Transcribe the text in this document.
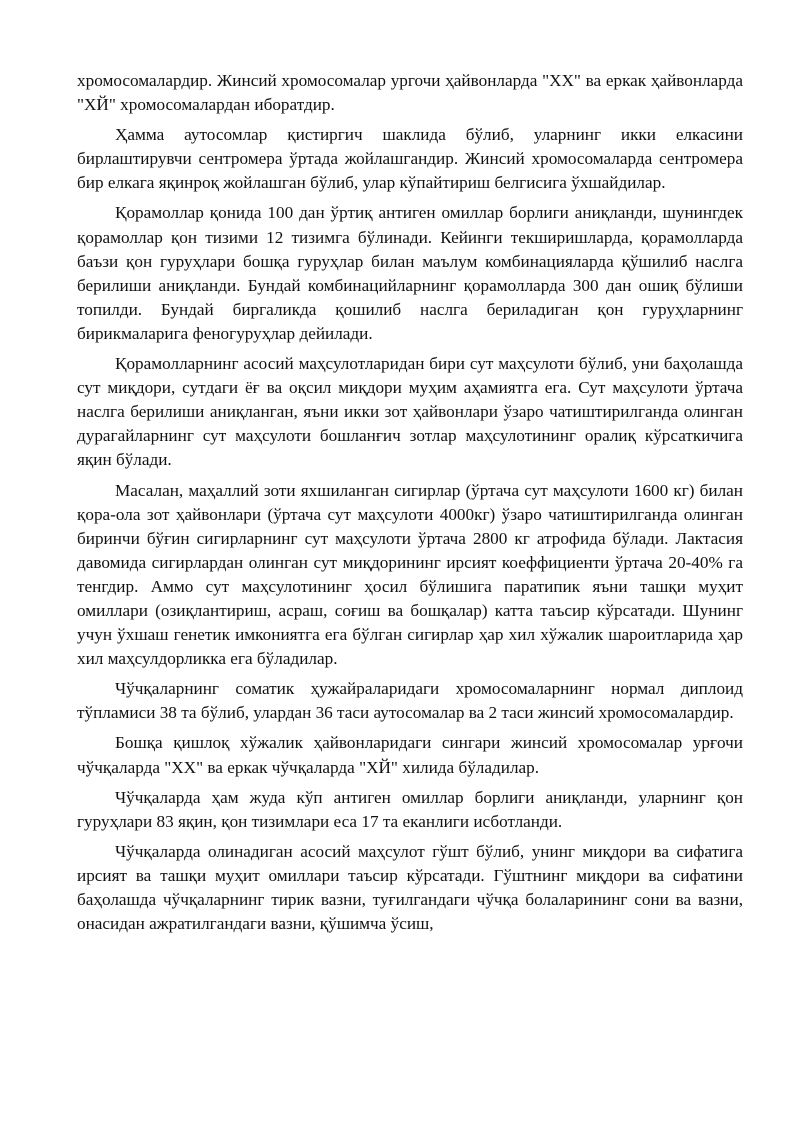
хромосомалардир. Жинсий хромосомалар ургочи ҳайвонларда "ХХ" ва еркак ҳайвонларда "ХЙ" хромосомалардан иборатдир.

Ҳамма аутосомлар қистиргич шаклида бўлиб, уларнинг икки елкасини бирлаштирувчи сентромера ўртада жойлашгандир. Жинсий хромосомаларда сентромера бир елкага яқинроқ жойлашган бўлиб, улар кўпайтириш белгисига ўхшайдилар.

Қорамоллар қонида 100 дан ўртиқ антиген омиллар борлиги аниқланди, шунингдек қорамоллар қон тизими 12 тизимга бўлинади. Кейинги текширишларда, қорамолларда баъзи қон гуруҳлари бошқа гуруҳлар билан маълум комбинацияларда қўшилиб наслга берилиши аниқланди. Бундай комбинацийларнинг қорамолларда 300 дан ошиқ бўлиши топилди. Бундай биргаликда қошилиб наслга бериладиган қон гуруҳларнинг бирикмаларига феногуруҳлар дейилади.

Қорамолларнинг асосий маҳсулотларидан бири сут маҳсулоти бўлиб, уни баҳолашда сут миқдори, сутдаги ёғ ва оқсил миқдори муҳим аҳамиятга ега. Сут маҳсулоти ўртача наслга берилиши аниқланган, яъни икки зот ҳайвонлари ўзаро чатиштирилганда олинган дурагайларнинг сут маҳсулоти бошланғич зотлар маҳсулотининг оралиқ кўрсаткичига яқин бўлади.

Масалан, маҳаллий зоти яхшиланган сигирлар (ўртача сут маҳсулоти 1600 кг) билан қора-ола зот ҳайвонлари (ўртача сут маҳсулоти 4000кг) ўзаро чатиштирилганда олинган биринчи бўғин сигирларнинг сут маҳсулоти ўртача 2800 кг атрофида бўлади. Лактасия давомида сигирлардан олинган сут миқдорининг ирсият коеффициенти ўртача 20-40% га тенгдир. Аммо сут маҳсулотининг ҳосил бўлишига паратипик яъни ташқи муҳит омиллари (озиқлантириш, асраш, соғиш ва бошқалар) катта таъсир кўрсатади. Шунинг учун ўхшаш генетик имкониятга ега бўлган сигирлар ҳар хил хўжалик шароитларида ҳар хил маҳсулдорликка ега бўладилар.

Чўчқаларнинг соматик ҳужайраларидаги хромосомаларнинг нормал диплоид тўпламиси 38 та бўлиб, улардан 36 таси аутосомалар ва 2 таси жинсий хромосомалардир.

Бошқа қишлоқ хўжалик ҳайвонларидаги сингари жинсий хромосомалар урғочи чўчқаларда "ХХ" ва еркак чўчқаларда "ХЙ" хилида бўладилар.

Чўчқаларда ҳам жуда кўп антиген омиллар борлиги аниқланди, уларнинг қон гуруҳлари 83 яқин, қон тизимлари еса 17 та еканлиги исботланди.

Чўчқаларда олинадиган асосий маҳсулот гўшт бўлиб, унинг миқдори ва сифатига ирсият ва ташқи муҳит омиллари таъсир кўрсатади. Гўштнинг миқдори ва сифатини баҳолашда чўчқаларнинг тирик вазни, туғилгандаги чўчқа болаларининг сони ва вазни, онасидан ажратилгандаги вазни, қўшимча ўсиш,
